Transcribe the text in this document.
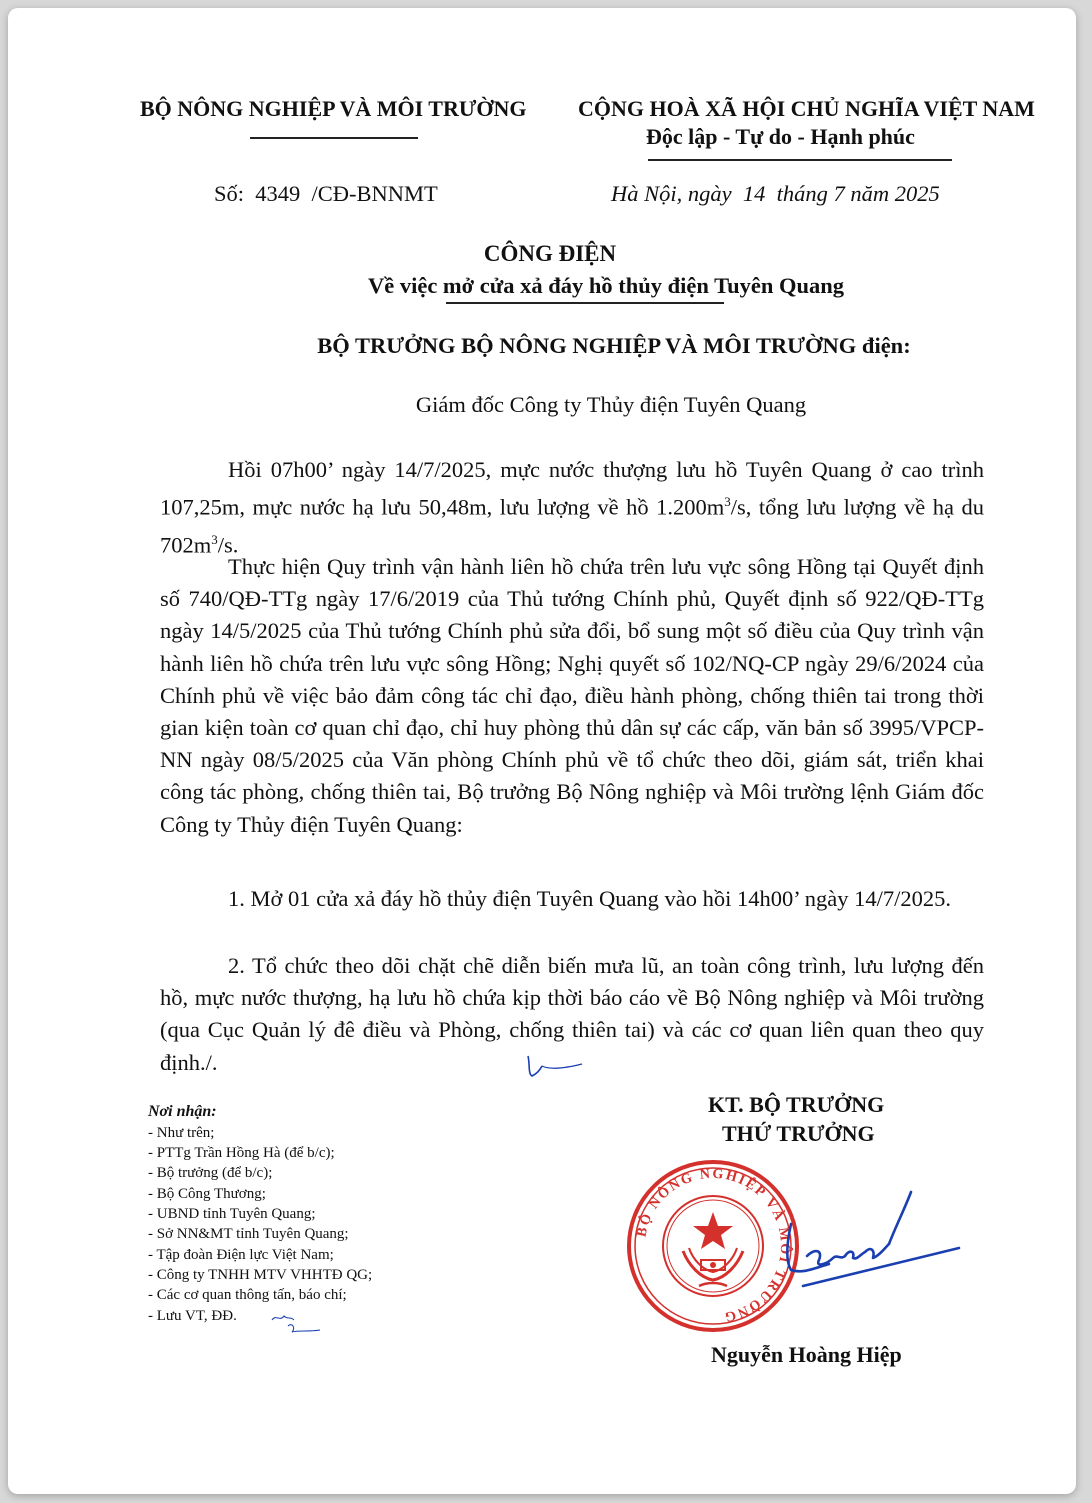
BỘ NÔNG NGHIỆP VÀ MÔI TRƯỜNG CỘNG HOÀ XÃ HỘI CHỦ NGHĨA VIỆT NAM
Độc lập - Tự do - Hạnh phúc
Số:  4349  /CĐ-BNNMT	Hà Nội, ngày  14  tháng 7 năm 2025
CÔNG ĐIỆN
Về việc mở cửa xả đáy hồ thủy điện Tuyên Quang
BỘ TRƯỞNG BỘ NÔNG NGHIỆP VÀ MÔI TRƯỜNG điện:
Giám đốc Công ty Thủy điện Tuyên Quang

Hồi 07h00’ ngày 14/7/2025, mực nước thượng lưu hồ Tuyên Quang ở cao trình 107,25m, mực nước hạ lưu 50,48m, lưu lượng về hồ $1.200m^3/s$, tổng lưu lượng về hạ du $702m^3/s$.

Thực hiện Quy trình vận hành liên hồ chứa trên lưu vực sông Hồng tại Quyết định số 740/QĐ-TTg ngày 17/6/2019 của Thủ tướng Chính phủ, Quyết định số 922/QĐ-TTg ngày 14/5/2025 của Thủ tướng Chính phủ sửa đổi, bổ sung một số điều của Quy trình vận hành liên hồ chứa trên lưu vực sông Hồng; Nghị quyết số 102/NQ-CP ngày 29/6/2024 của Chính phủ về việc bảo đảm công tác chỉ đạo, điều hành phòng, chống thiên tai trong thời gian kiện toàn cơ quan chỉ đạo, chỉ huy phòng thủ dân sự các cấp, văn bản số 3995/VPCP-NN ngày 08/5/2025 của Văn phòng Chính phủ về tổ chức theo dõi, giám sát, triển khai công tác phòng, chống thiên tai, Bộ trưởng Bộ Nông nghiệp và Môi trường lệnh Giám đốc Công ty Thủy điện Tuyên Quang:

1. Mở 01 cửa xả đáy hồ thủy điện Tuyên Quang vào hồi 14h00’ ngày 14/7/2025.

2. Tổ chức theo dõi chặt chẽ diễn biến mưa lũ, an toàn công trình, lưu lượng đến hồ, mực nước thượng, hạ lưu hồ chứa kịp thời báo cáo về Bộ Nông nghiệp và Môi trường (qua Cục Quản lý đê điều và Phòng, chống thiên tai) và các cơ quan liên quan theo quy định./.

Nơi nhận:
- Như trên;
- PTTg Trần Hồng Hà (để b/c);
- Bộ trưởng (để b/c);
- Bộ Công Thương;
- UBND tỉnh Tuyên Quang;
- Sở NN&MT tỉnh Tuyên Quang;
- Tập đoàn Điện lực Việt Nam;
- Công ty TNHH MTV VHHTĐ QG;
- Các cơ quan thông tấn, báo chí;
- Lưu VT, ĐĐ.
KT. BỘ TRƯỞNG
THỨ TRƯỞNG
BỘ NÔNG NGHIỆP VÀ MÔI TRƯỜNG
Nguyễn Hoàng Hiệp
